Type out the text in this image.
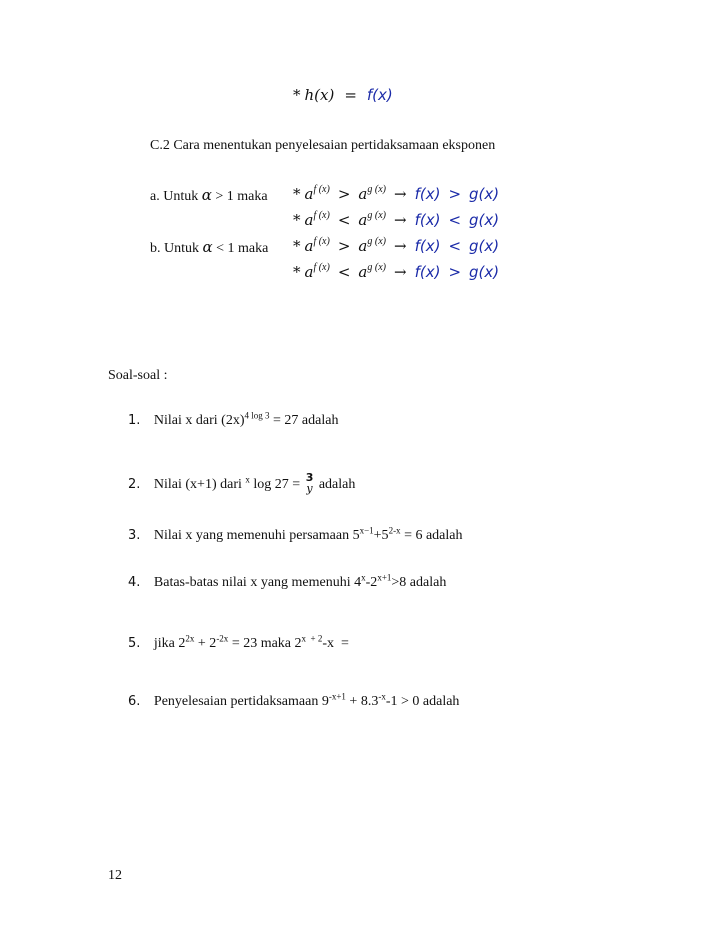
* h(x) = f(x)
C.2 Cara menentukan penyelesaian pertidaksamaan eksponen
a. Untuk α > 1 maka * $a^{f (x)} > a^{g (x)} \to f(x) > g(x)$
* $a^{f (x)} < a^{g (x)} \to f(x) < g(x)$
b. Untuk α < 1 maka * $a^{f (x)} > a^{g (x)} \to f(x) < g(x)$
* $a^{f (x)} < a^{g (x)} \to f(x) > g(x)$
Soal-soal :
1. Nilai x dari $(2x)^{4 log 3} = 27$ adalah
2. Nilai (x+1) dari $^x$ log 27 = 3
y adalah
3. Nilai x yang memenuhi persamaan $5^{x-1}+5^{2-x} = 6$ adalah
4. Batas-batas nilai x yang memenuhi $4^x-2^{x+1}>8$ adalah
5. jika $2^{2x} + 2^{-2x} = 23$ maka $2^{x + 2}-x$  =
6. Penyelesaian pertidaksamaan $9^{-x+1} + 8.3^{-x}-1 > 0$ adalah
12
